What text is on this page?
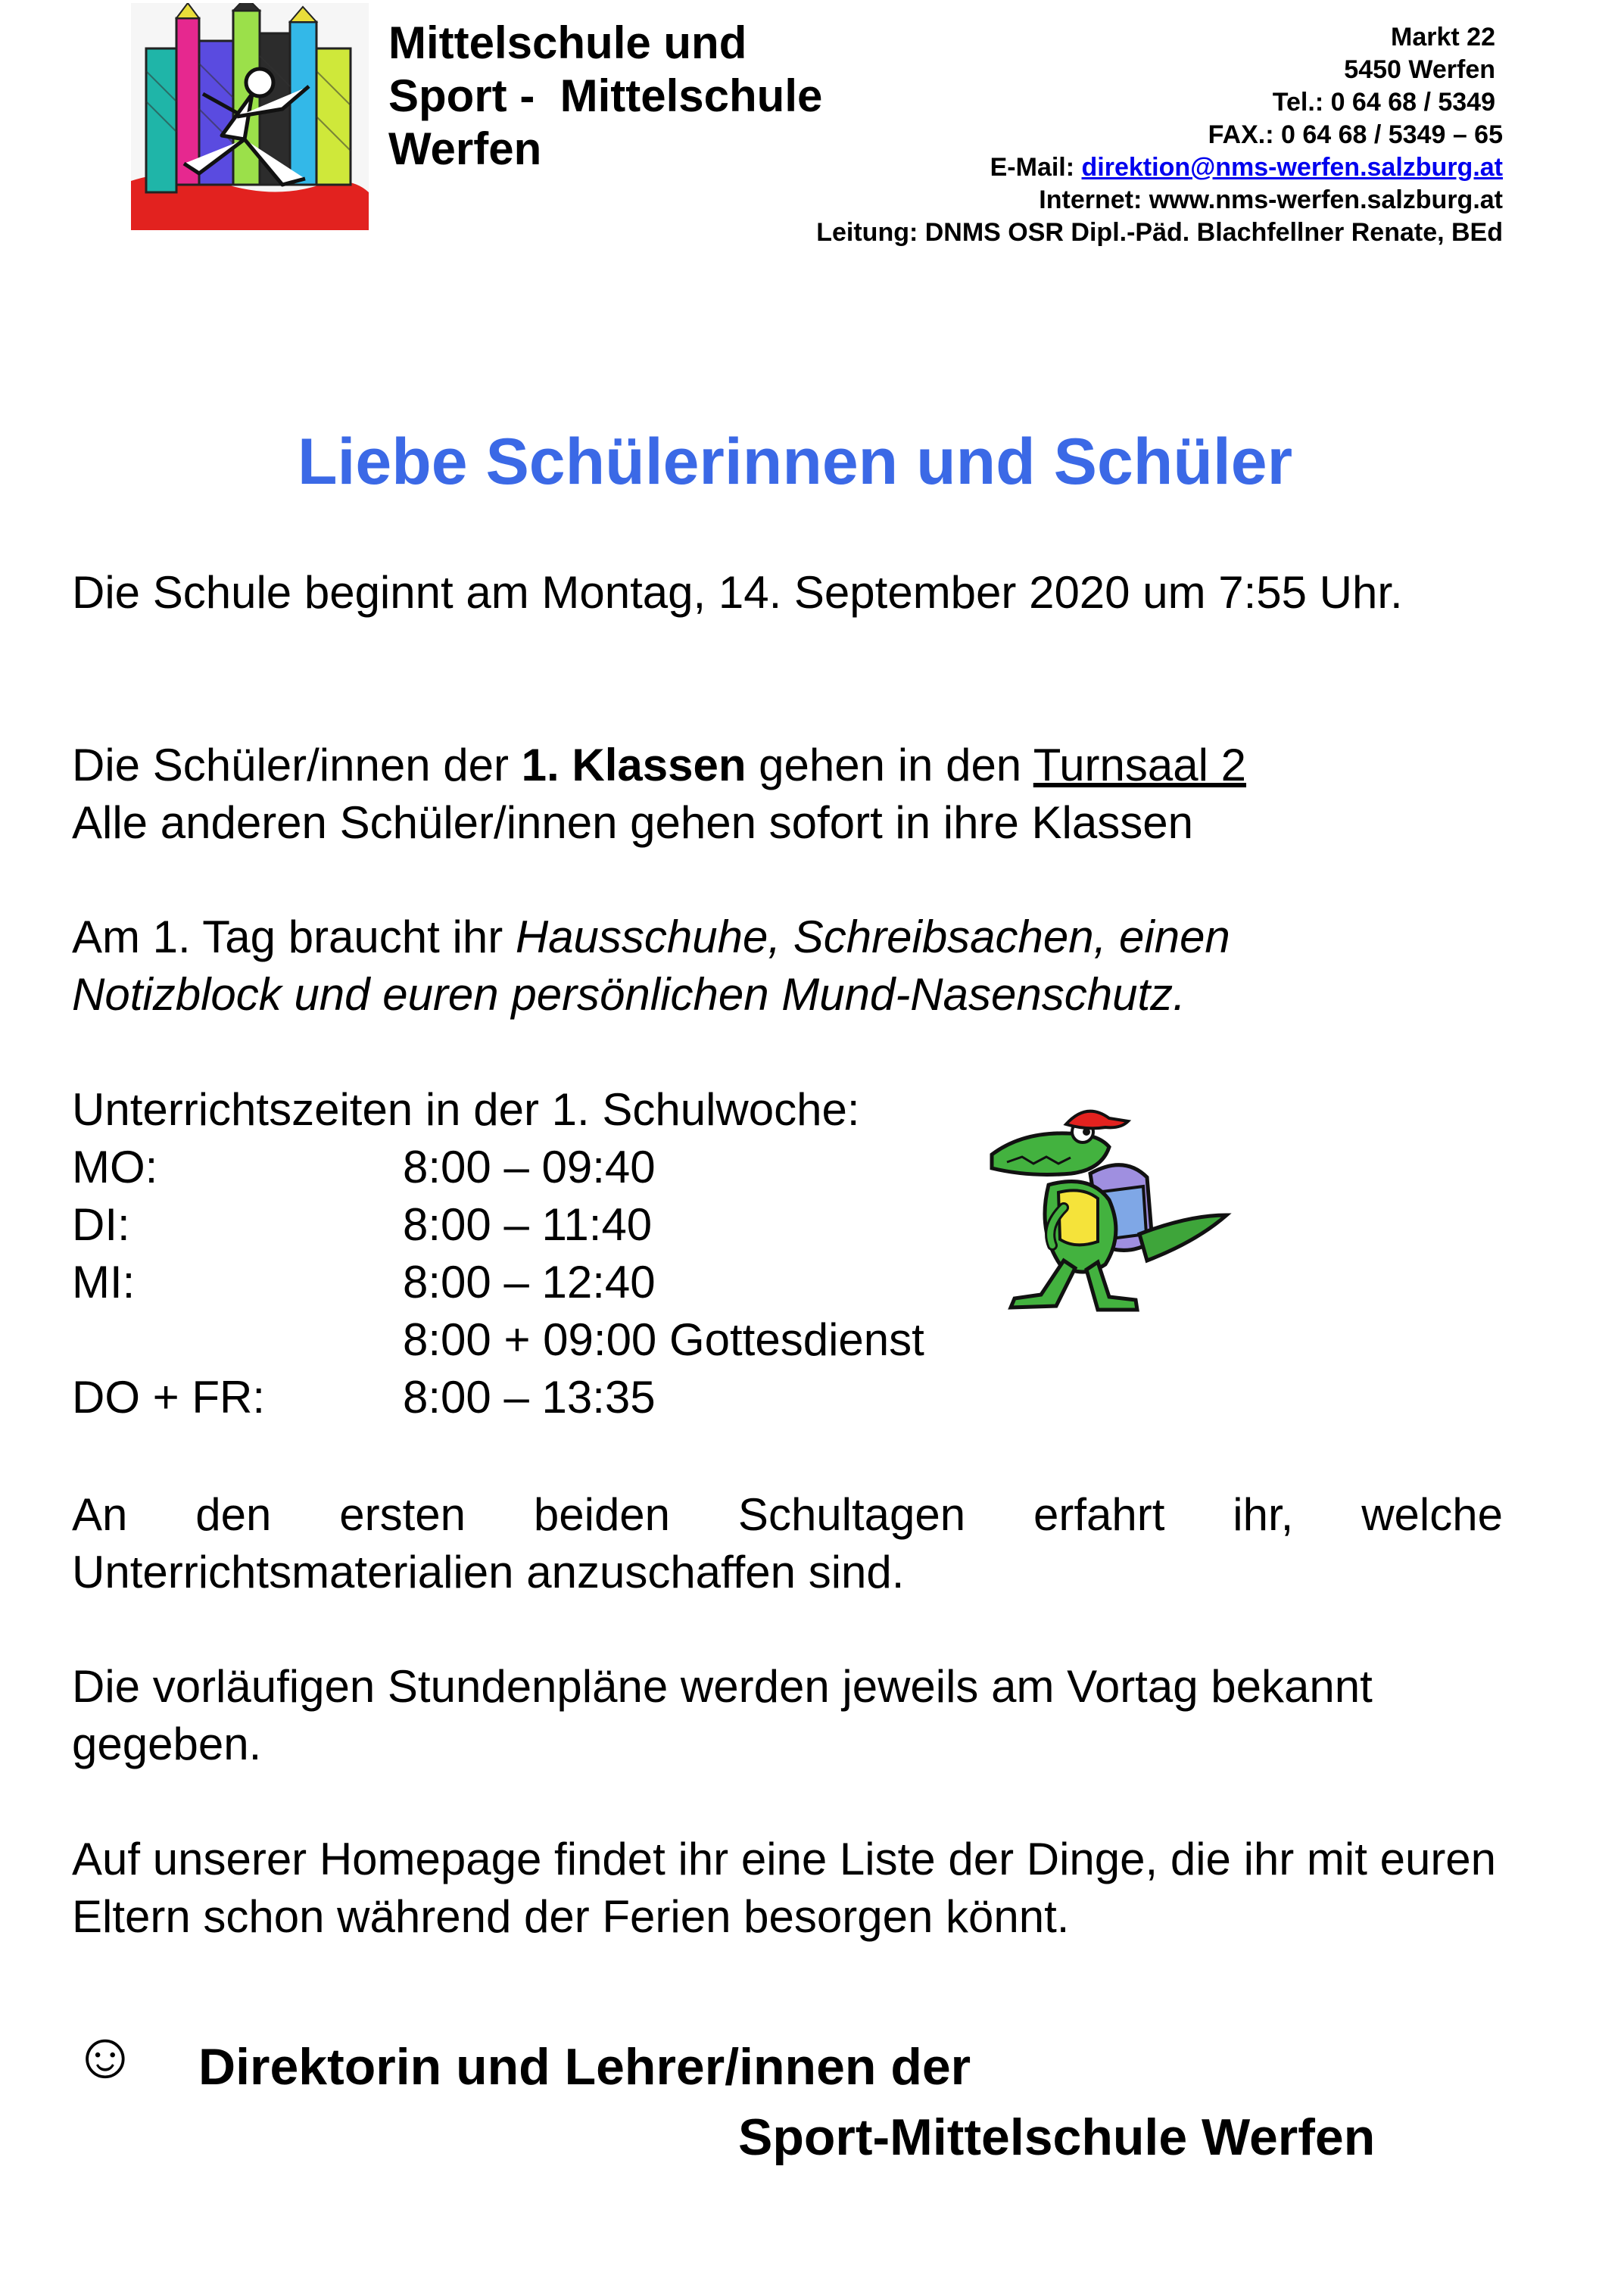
Mittelschule und
Sport -  Mittelschule
Werfen
Markt 22
5450 Werfen
Tel.: 0 64 68 / 5349
FAX.: 0 64 68 / 5349 – 65
E-Mail: direktion@nms-werfen.salzburg.at
Internet: www.nms-werfen.salzburg.at
Leitung: DNMS OSR Dipl.-Päd. Blachfellner Renate, BEd
Liebe Schülerinnen und Schüler
Die Schule beginnt am Montag, 14. September 2020 um 7:55 Uhr.
Die Schüler/innen der 1. Klassen gehen in den Turnsaal 2
Alle anderen Schüler/innen gehen sofort in ihre Klassen
Am 1. Tag braucht ihr Hausschuhe, Schreibsachen, einen Notizblock und euren persönlichen Mund-Nasenschutz.
Unterrichtszeiten in der 1. Schulwoche:
MO:	8:00 – 09:40
DI:	8:00 – 11:40
MI:	8:00 – 12:40
8:00 + 09:00 Gottesdienst
DO + FR:	8:00 – 13:35
An den ersten beiden Schultagen erfahrt ihr, welche Unterrichtsmaterialien anzuschaffen sind.
Die vorläufigen Stundenpläne werden jeweils am Vortag bekannt gegeben.
Auf unserer Homepage findet ihr eine Liste der Dinge, die ihr mit euren Eltern schon während der Ferien besorgen könnt.
☺ Direktorin und Lehrer/innen der
Sport-Mittelschule Werfen
